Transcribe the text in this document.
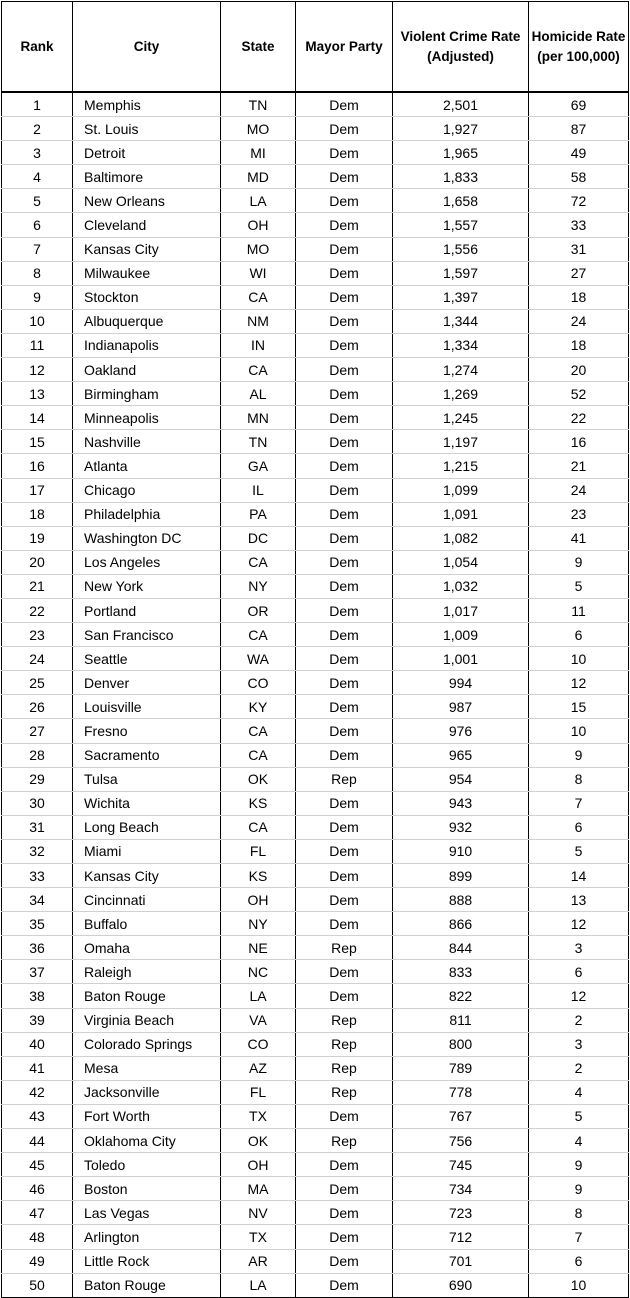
Rank	City	State	Mayor Party	Violent Crime Rate (Adjusted)	Homicide Rate (per 100,000)
1	Memphis	TN	Dem	2,501	69
2	St. Louis	MO	Dem	1,927	87
3	Detroit	MI	Dem	1,965	49
4	Baltimore	MD	Dem	1,833	58
5	New Orleans	LA	Dem	1,658	72
6	Cleveland	OH	Dem	1,557	33
7	Kansas City	MO	Dem	1,556	31
8	Milwaukee	WI	Dem	1,597	27
9	Stockton	CA	Dem	1,397	18
10	Albuquerque	NM	Dem	1,344	24
11	Indianapolis	IN	Dem	1,334	18
12	Oakland	CA	Dem	1,274	20
13	Birmingham	AL	Dem	1,269	52
14	Minneapolis	MN	Dem	1,245	22
15	Nashville	TN	Dem	1,197	16
16	Atlanta	GA	Dem	1,215	21
17	Chicago	IL	Dem	1,099	24
18	Philadelphia	PA	Dem	1,091	23
19	Washington DC	DC	Dem	1,082	41
20	Los Angeles	CA	Dem	1,054	9
21	New York	NY	Dem	1,032	5
22	Portland	OR	Dem	1,017	11
23	San Francisco	CA	Dem	1,009	6
24	Seattle	WA	Dem	1,001	10
25	Denver	CO	Dem	994	12
26	Louisville	KY	Dem	987	15
27	Fresno	CA	Dem	976	10
28	Sacramento	CA	Dem	965	9
29	Tulsa	OK	Rep	954	8
30	Wichita	KS	Dem	943	7
31	Long Beach	CA	Dem	932	6
32	Miami	FL	Dem	910	5
33	Kansas City	KS	Dem	899	14
34	Cincinnati	OH	Dem	888	13
35	Buffalo	NY	Dem	866	12
36	Omaha	NE	Rep	844	3
37	Raleigh	NC	Dem	833	6
38	Baton Rouge	LA	Dem	822	12
39	Virginia Beach	VA	Rep	811	2
40	Colorado Springs	CO	Rep	800	3
41	Mesa	AZ	Rep	789	2
42	Jacksonville	FL	Rep	778	4
43	Fort Worth	TX	Dem	767	5
44	Oklahoma City	OK	Rep	756	4
45	Toledo	OH	Dem	745	9
46	Boston	MA	Dem	734	9
47	Las Vegas	NV	Dem	723	8
48	Arlington	TX	Dem	712	7
49	Little Rock	AR	Dem	701	6
50	Baton Rouge	LA	Dem	690	10
